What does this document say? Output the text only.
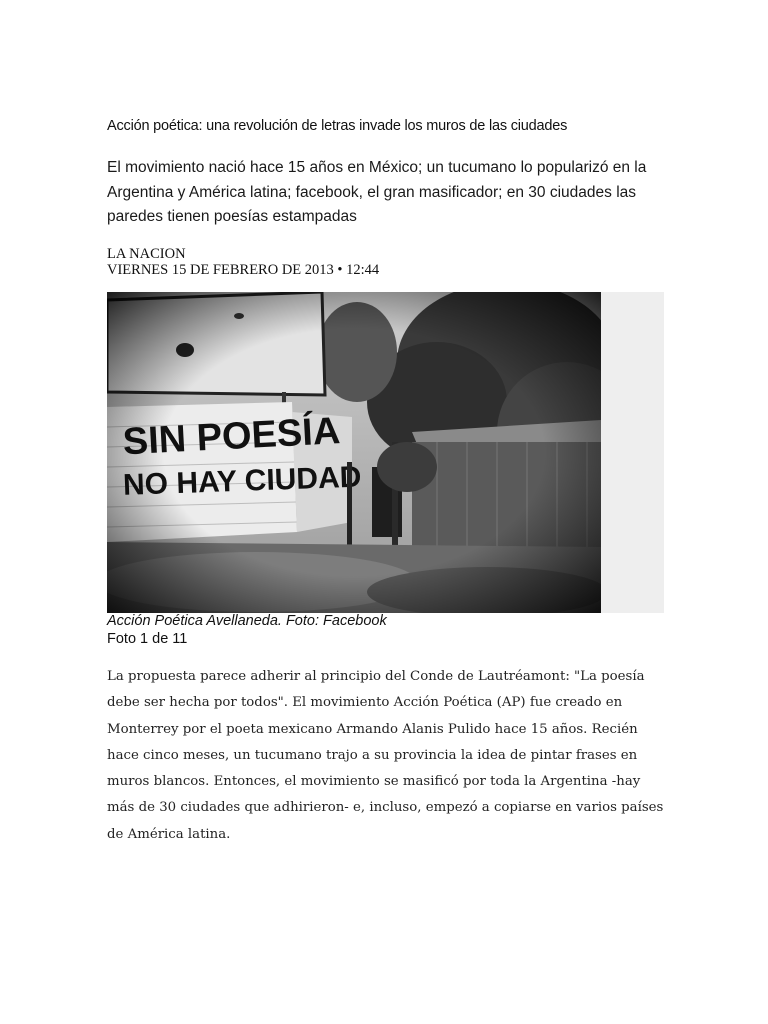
Acción poética: una revolución de letras invade los muros de las ciudades

El movimiento nació hace 15 años en México; un tucumano lo popularizó en la Argentina y América latina; facebook, el gran masificador; en 30 ciudades las paredes tienen poesías estampadas

LA NACION
VIERNES 15 DE FEBRERO DE 2013 • 12:44
Acción Poética Avellaneda. Foto: Facebook
Foto 1 de 11

La propuesta parece adherir al principio del Conde de Lautréamont: "La poesía debe ser hecha por todos". El movimiento Acción Poética (AP) fue creado en Monterrey por el poeta mexicano Armando Alanis Pulido hace 15 años. Recién hace cinco meses, un tucumano trajo a su provincia la idea de pintar frases en muros blancos. Entonces, el movimiento se masificó por toda la Argentina -hay más de 30 ciudades que adhirieron- e, incluso, empezó a copiarse en varios países de América latina.
